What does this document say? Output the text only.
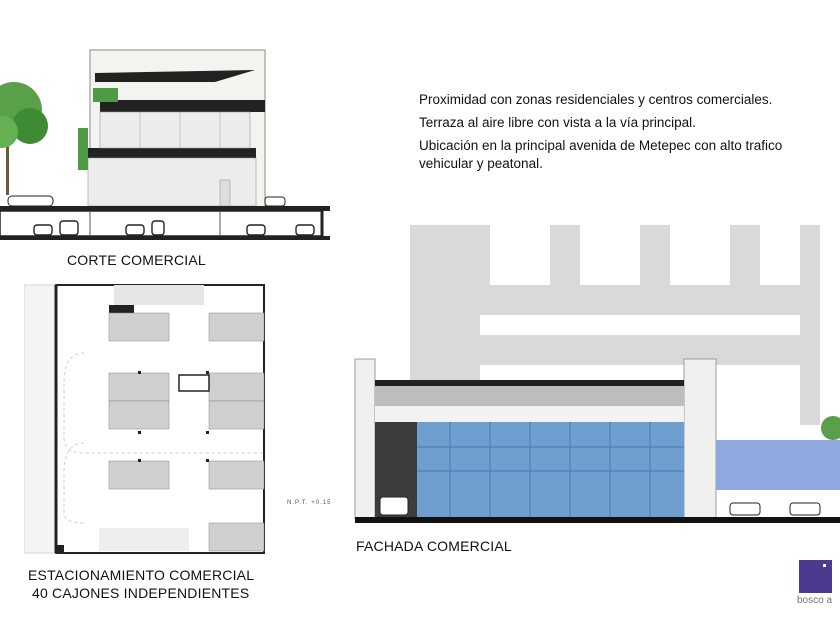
CORTE COMERCIAL

Proximidad con zonas residenciales y centros comerciales.

Terraza al aire libre con vista a la vía principal.

Ubicación en la principal avenida de Metepec con alto trafico vehicular y peatonal.

ESTACIONAMIENTO COMERCIAL
40 CAJONES INDEPENDIENTES
N.P.T. +0.15
FACHADA COMERCIAL
bosco a
